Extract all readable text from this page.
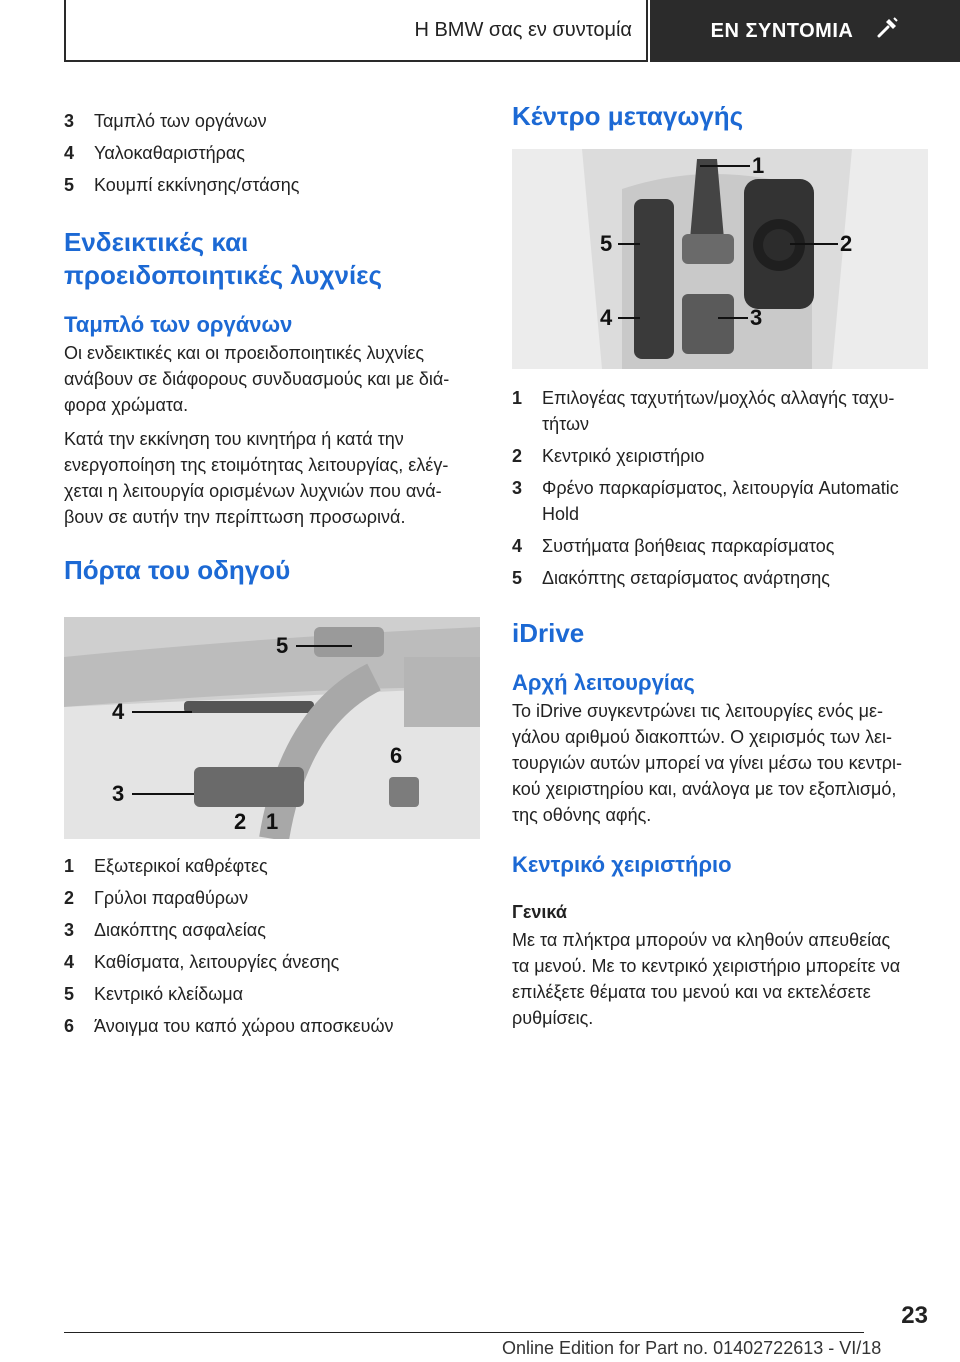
Η BMW σας εν συντομία	ΕΝ ΣΥΝΤΟΜΙΑ
3	Ταμπλό των οργάνων
4	Υαλοκαθαριστήρας
5	Κουμπί εκκίνησης/στάσης
Ενδεικτικές και
προειδοποιητικές λυχνίες
Ταμπλό των οργάνων

Οι ενδεικτικές και οι προειδοποιητικές λυχνίες
ανάβουν σε διάφορους συνδυασμούς και με διά‐
φορα χρώματα.

Κατά την εκκίνηση του κινητήρα ή κατά την
ενεργοποίηση της ετοιμότητας λειτουργίας, ελέγ‐
χεται η λειτουργία ορισμένων λυχνιών που ανά‐
βουν σε αυτήν την περίπτωση προσωρινά.

Πόρτα του οδηγού
5
4
6
3
2 1
1	Εξωτερικοί καθρέφτες
2	Γρύλοι παραθύρων
3	Διακόπτης ασφαλείας
4	Καθίσματα, λειτουργίες άνεσης
5	Κεντρικό κλείδωμα
6	Άνοιγμα του καπό χώρου αποσκευών
Κέντρο μεταγωγής
1
5	2
4	3
1	Επιλογέας ταχυτήτων/μοχλός αλλαγής ταχυ‐
τήτων
2	Κεντρικό χειριστήριο
3	Φρένο παρκαρίσματος, λειτουργία Automatic
Hold
4	Συστήματα βοήθειας παρκαρίσματος
5	Διακόπτης σεταρίσματος ανάρτησης
iDrive
Αρχή λειτουργίας

Το iDrive συγκεντρώνει τις λειτουργίες ενός με‐
γάλου αριθμού διακοπτών. Ο χειρισμός των λει‐
τουργιών αυτών μπορεί να γίνει μέσω του κεντρι‐
κού χειριστηρίου και, ανάλογα με τον εξοπλισμό,
της οθόνης αφής.

Κεντρικό χειριστήριο
Γενικά

Με τα πλήκτρα μπορούν να κληθούν απευθείας
τα μενού. Με το κεντρικό χειριστήριο μπορείτε να
επιλέξετε θέματα του μενού και να εκτελέσετε
ρυθμίσεις.

23
Online Edition for Part no. 01402722613 - VI/18
